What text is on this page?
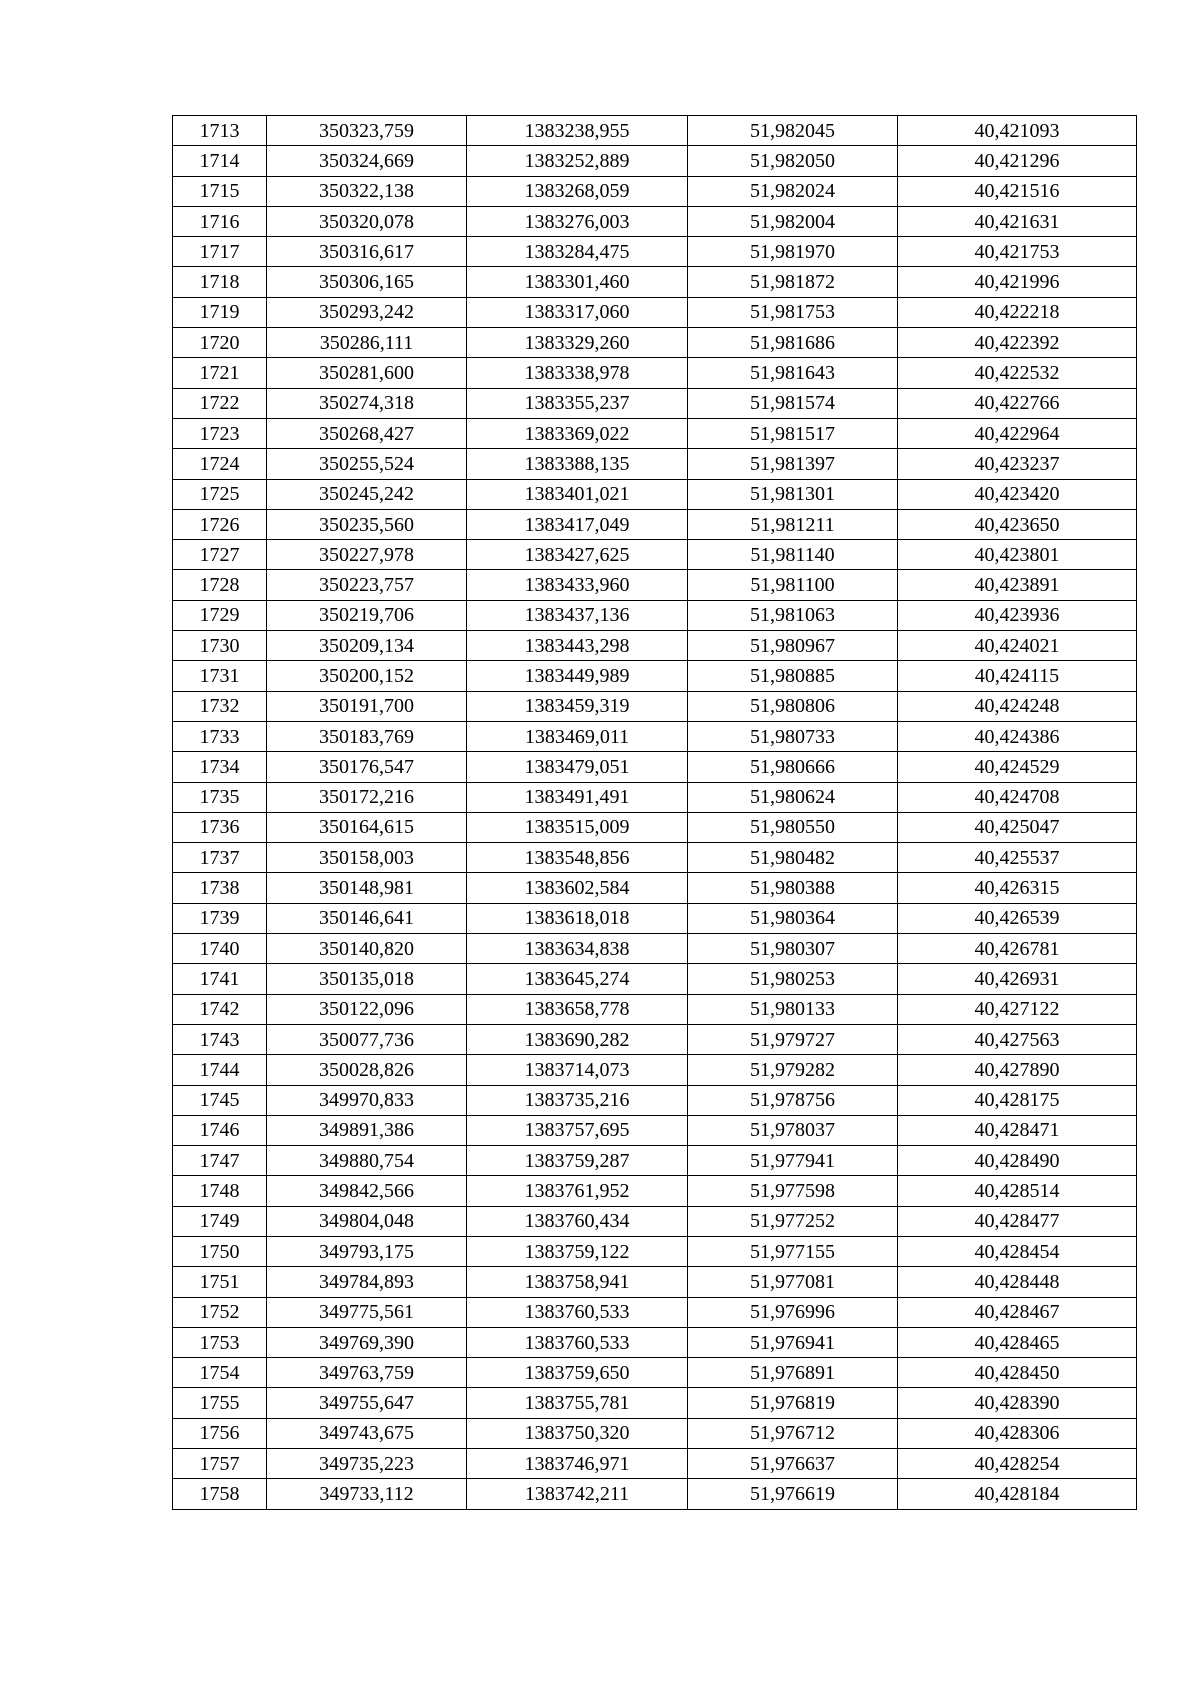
1713	350323,759	1383238,955	51,982045	40,421093
1714	350324,669	1383252,889	51,982050	40,421296
1715	350322,138	1383268,059	51,982024	40,421516
1716	350320,078	1383276,003	51,982004	40,421631
1717	350316,617	1383284,475	51,981970	40,421753
1718	350306,165	1383301,460	51,981872	40,421996
1719	350293,242	1383317,060	51,981753	40,422218
1720	350286,111	1383329,260	51,981686	40,422392
1721	350281,600	1383338,978	51,981643	40,422532
1722	350274,318	1383355,237	51,981574	40,422766
1723	350268,427	1383369,022	51,981517	40,422964
1724	350255,524	1383388,135	51,981397	40,423237
1725	350245,242	1383401,021	51,981301	40,423420
1726	350235,560	1383417,049	51,981211	40,423650
1727	350227,978	1383427,625	51,981140	40,423801
1728	350223,757	1383433,960	51,981100	40,423891
1729	350219,706	1383437,136	51,981063	40,423936
1730	350209,134	1383443,298	51,980967	40,424021
1731	350200,152	1383449,989	51,980885	40,424115
1732	350191,700	1383459,319	51,980806	40,424248
1733	350183,769	1383469,011	51,980733	40,424386
1734	350176,547	1383479,051	51,980666	40,424529
1735	350172,216	1383491,491	51,980624	40,424708
1736	350164,615	1383515,009	51,980550	40,425047
1737	350158,003	1383548,856	51,980482	40,425537
1738	350148,981	1383602,584	51,980388	40,426315
1739	350146,641	1383618,018	51,980364	40,426539
1740	350140,820	1383634,838	51,980307	40,426781
1741	350135,018	1383645,274	51,980253	40,426931
1742	350122,096	1383658,778	51,980133	40,427122
1743	350077,736	1383690,282	51,979727	40,427563
1744	350028,826	1383714,073	51,979282	40,427890
1745	349970,833	1383735,216	51,978756	40,428175
1746	349891,386	1383757,695	51,978037	40,428471
1747	349880,754	1383759,287	51,977941	40,428490
1748	349842,566	1383761,952	51,977598	40,428514
1749	349804,048	1383760,434	51,977252	40,428477
1750	349793,175	1383759,122	51,977155	40,428454
1751	349784,893	1383758,941	51,977081	40,428448
1752	349775,561	1383760,533	51,976996	40,428467
1753	349769,390	1383760,533	51,976941	40,428465
1754	349763,759	1383759,650	51,976891	40,428450
1755	349755,647	1383755,781	51,976819	40,428390
1756	349743,675	1383750,320	51,976712	40,428306
1757	349735,223	1383746,971	51,976637	40,428254
1758	349733,112	1383742,211	51,976619	40,428184
